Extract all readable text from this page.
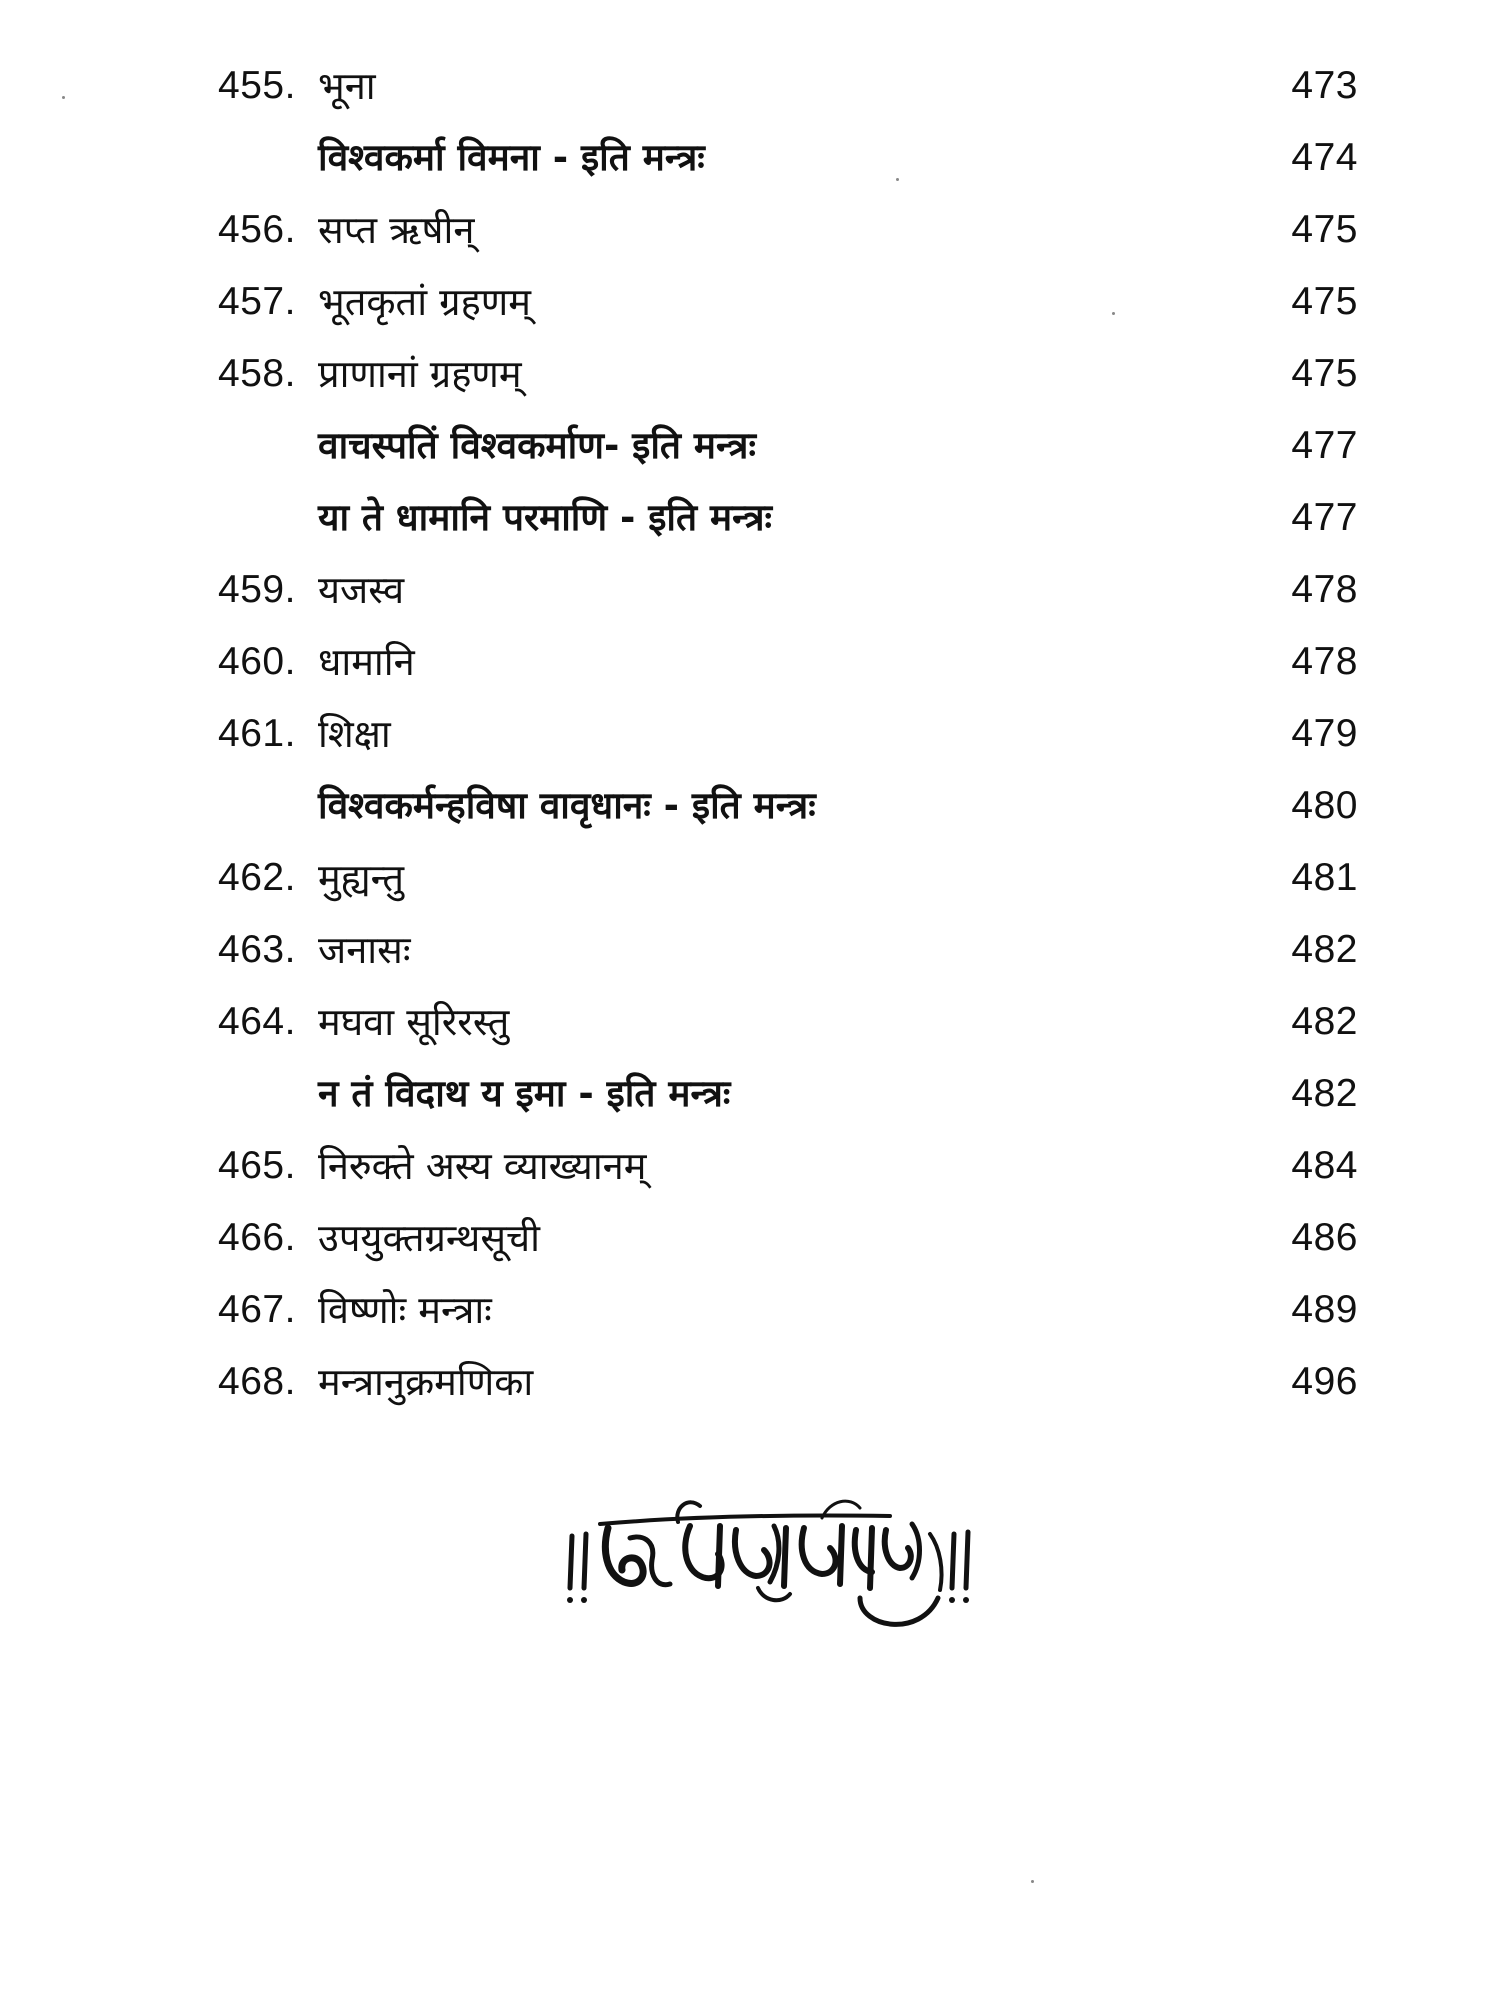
455. भूना	473
विश्वकर्मा विमना - इति मन्त्रः	474
456. सप्त ऋषीन्	475
457. भूतकृतां ग्रहणम्	475
458. प्राणानां ग्रहणम्	475
वाचस्पतिं विश्वकर्माण- इति मन्त्रः	477
या ते धामानि परमाणि - इति मन्त्रः	477
459. यजस्व	478
460. धामानि	478
461. शिक्षा	479
विश्वकर्मन्हविषा वावृधानः - इति मन्त्रः	480
462. मुह्यन्तु	481
463. जनासः	482
464. मघवा सूरिरस्तु	482
न तं विदाथ य इमा - इति मन्त्रः	482
465. निरुक्ते अस्य व्याख्यानम्	484
466. उपयुक्तग्रन्थसूची	486
467. विष्णोः मन्त्राः	489
468. मन्त्रानुक्रमणिका	496
